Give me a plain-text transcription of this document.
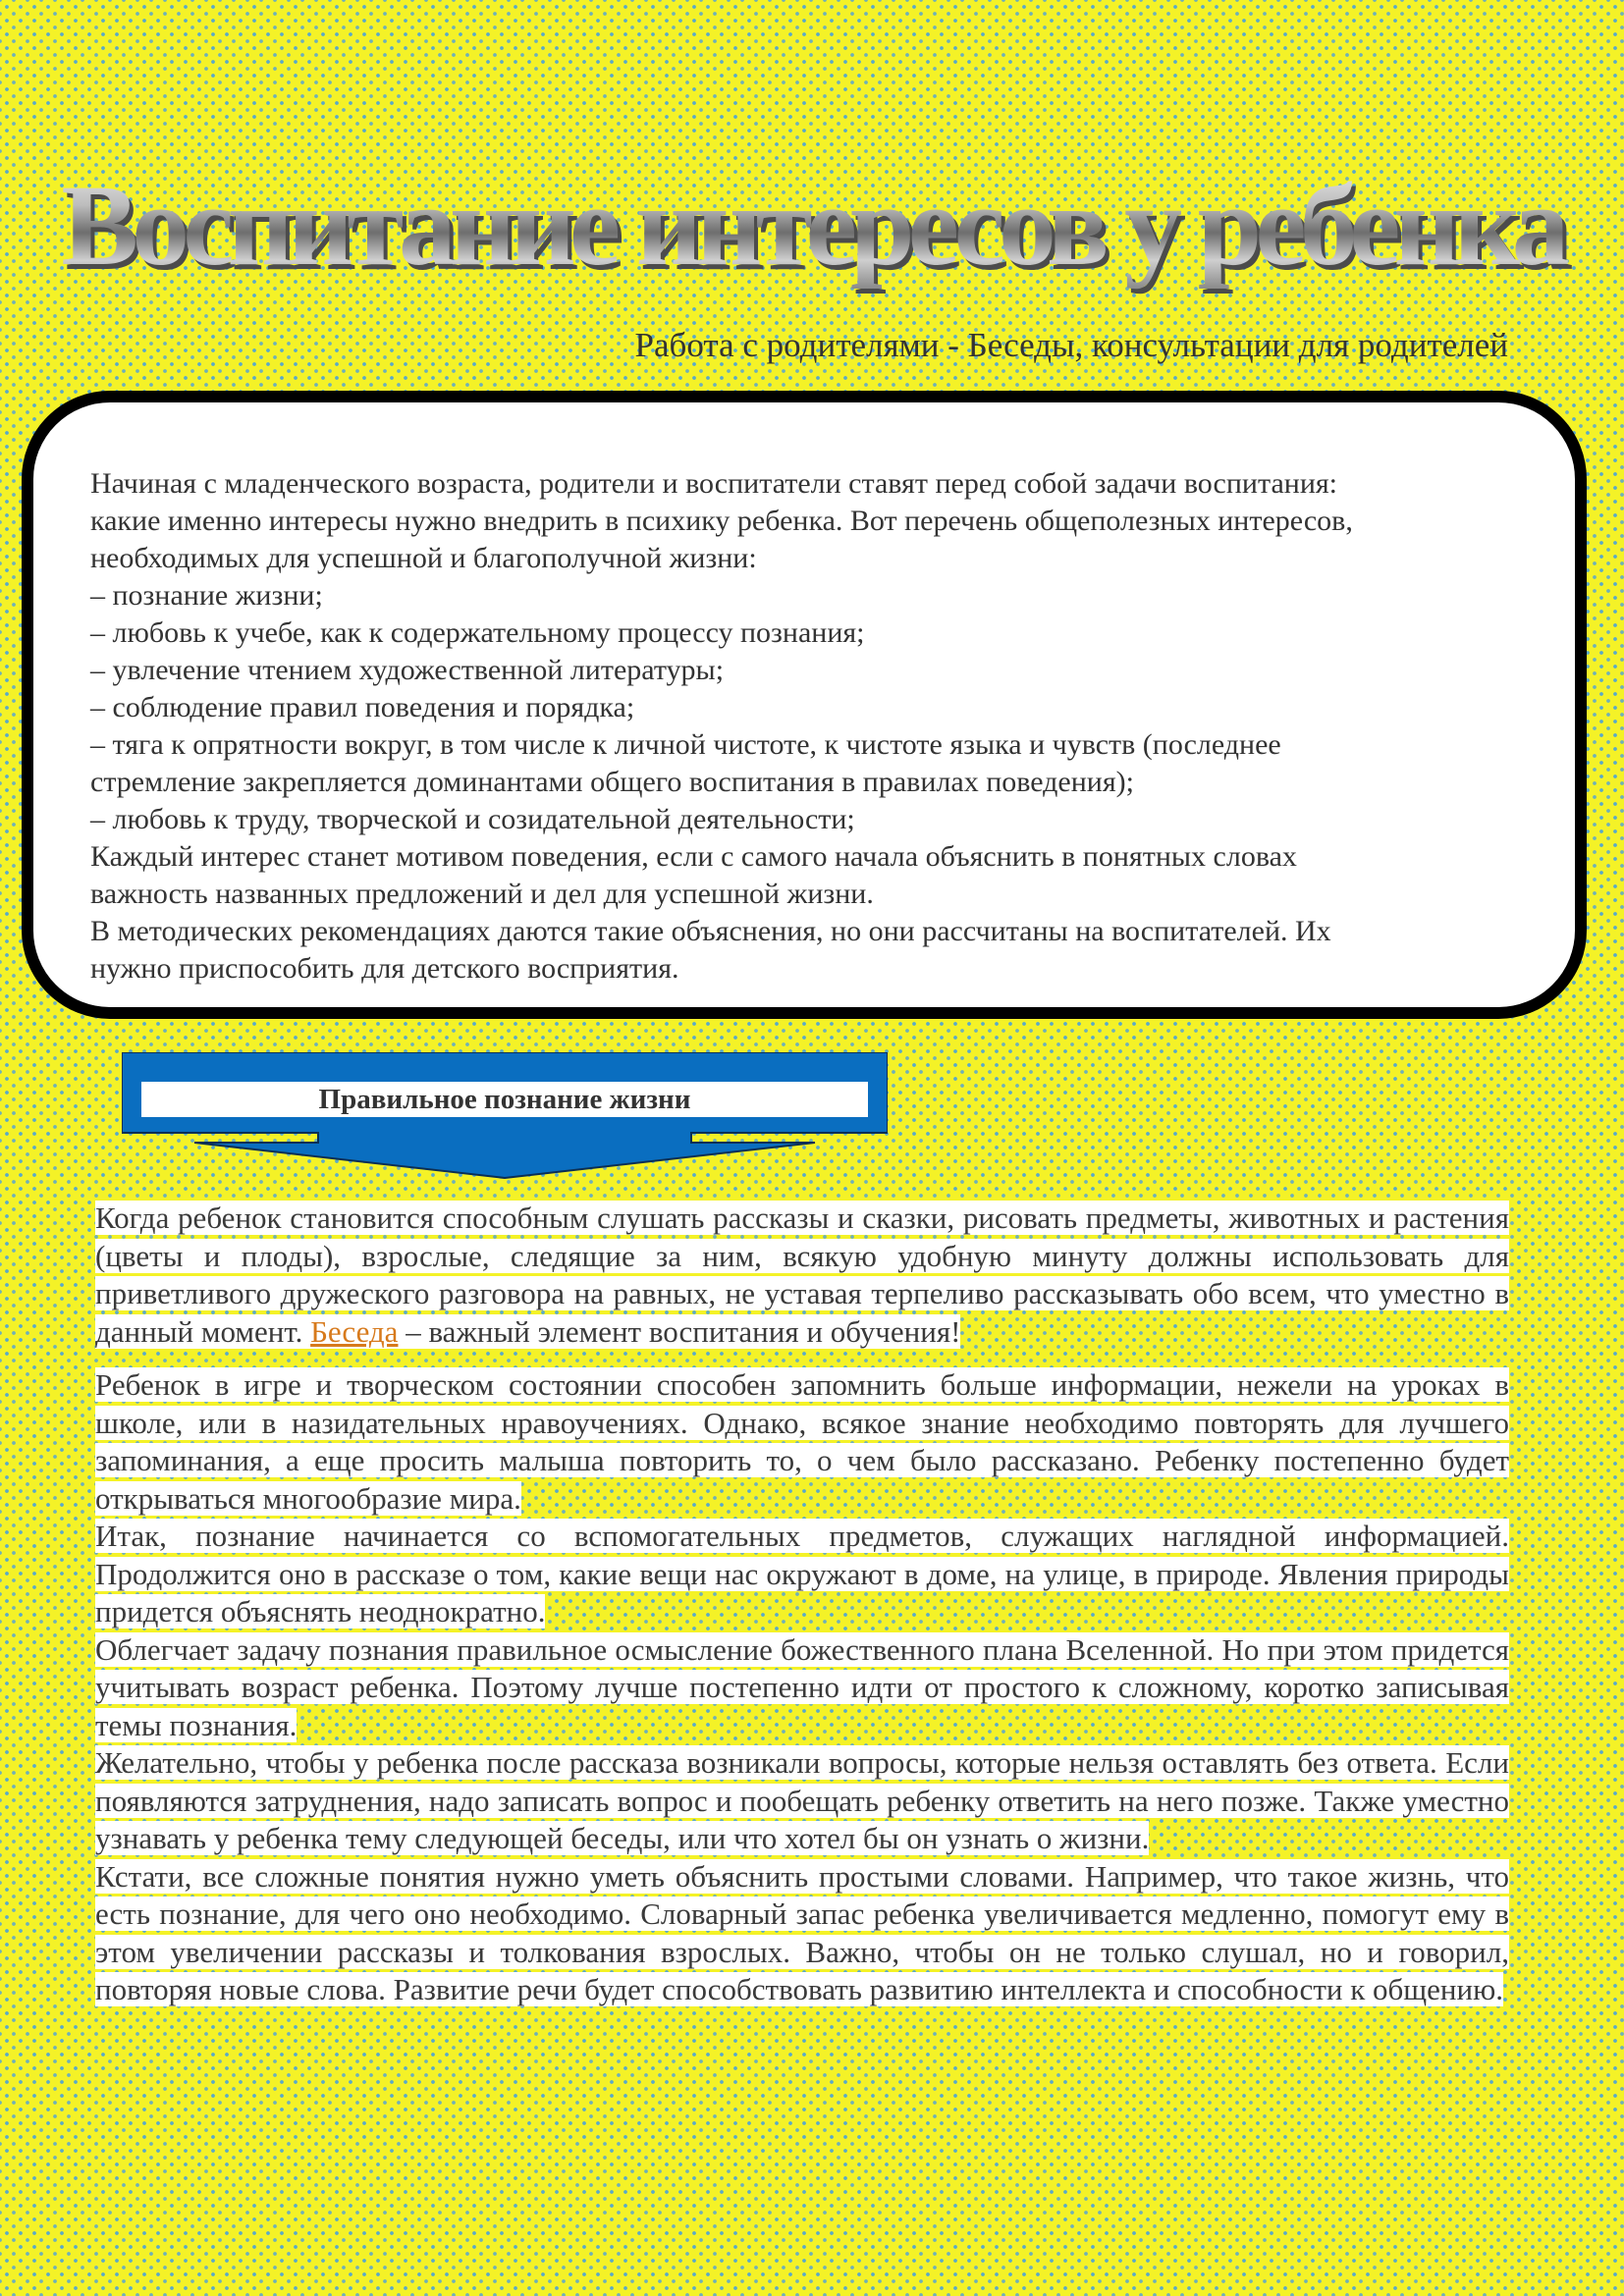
Воспитание интересов у ребенка
Работа с родителями - Беседы, консультации для родителей

Начиная с младенческого возраста, родители и воспитатели ставят перед собой задачи воспитания:
какие именно интересы нужно внедрить в психику ребенка. Вот перечень общеполезных интересов,
необходимых для успешной и благополучной жизни:
– познание жизни;
– любовь к учебе, как к содержательному процессу познания;
– увлечение чтением художественной литературы;
– соблюдение правил поведения и порядка;
– тяга к опрятности вокруг, в том числе к личной чистоте, к чистоте языка и чувств (последнее
стремление закрепляется доминантами общего воспитания в правилах поведения);
– любовь к труду, творческой и созидательной деятельности;
Каждый интерес станет мотивом поведения, если с самого начала объяснить в понятных словах
важность названных предложений и дел для успешной жизни.
В методических рекомендациях даются такие объяснения, но они рассчитаны на воспитателей. Их
нужно приспособить для детского восприятия.

Правильное познание жизни

Когда ребенок становится способным слушать рассказы и сказки, рисовать предметы, животных и растения (цветы и плоды), взрослые, следящие за ним, всякую удобную минуту должны использовать для приветливого дружеского разговора на равных, не уставая терпеливо рассказывать обо всем, что уместно в данный момент. Беседа – важный элемент воспитания и обучения!

Ребенок в игре и творческом состоянии способен запомнить больше информации, нежели на уроках в школе, или в назидательных нравоучениях. Однако, всякое знание необходимо повторять для лучшего запоминания, а еще просить малыша повторить то, о чем было рассказано. Ребенку постепенно будет открываться многообразие мира.
Итак, познание начинается со вспомогательных предметов, служащих наглядной информацией. Продолжится оно в рассказе о том, какие вещи нас окружают в доме, на улице, в природе. Явления природы придется объяснять неоднократно.
Облегчает задачу познания правильное осмысление божественного плана Вселенной. Но при этом придется учитывать возраст ребенка. Поэтому лучше постепенно идти от простого к сложному, коротко записывая темы познания.
Желательно, чтобы у ребенка после рассказа возникали вопросы, которые нельзя оставлять без ответа. Если появляются затруднения, надо записать вопрос и пообещать ребенку ответить на него позже. Также уместно узнавать у ребенка тему следующей беседы, или что хотел бы он узнать о жизни.
Кстати, все сложные понятия нужно уметь объяснить простыми словами. Например, что такое жизнь, что есть познание, для чего оно необходимо. Словарный запас ребенка увеличивается медленно, помогут ему в этом увеличении рассказы и толкования взрослых. Важно, чтобы он не только слушал, но и говорил, повторяя новые слова. Развитие речи будет способствовать развитию интеллекта и способности к общению.
